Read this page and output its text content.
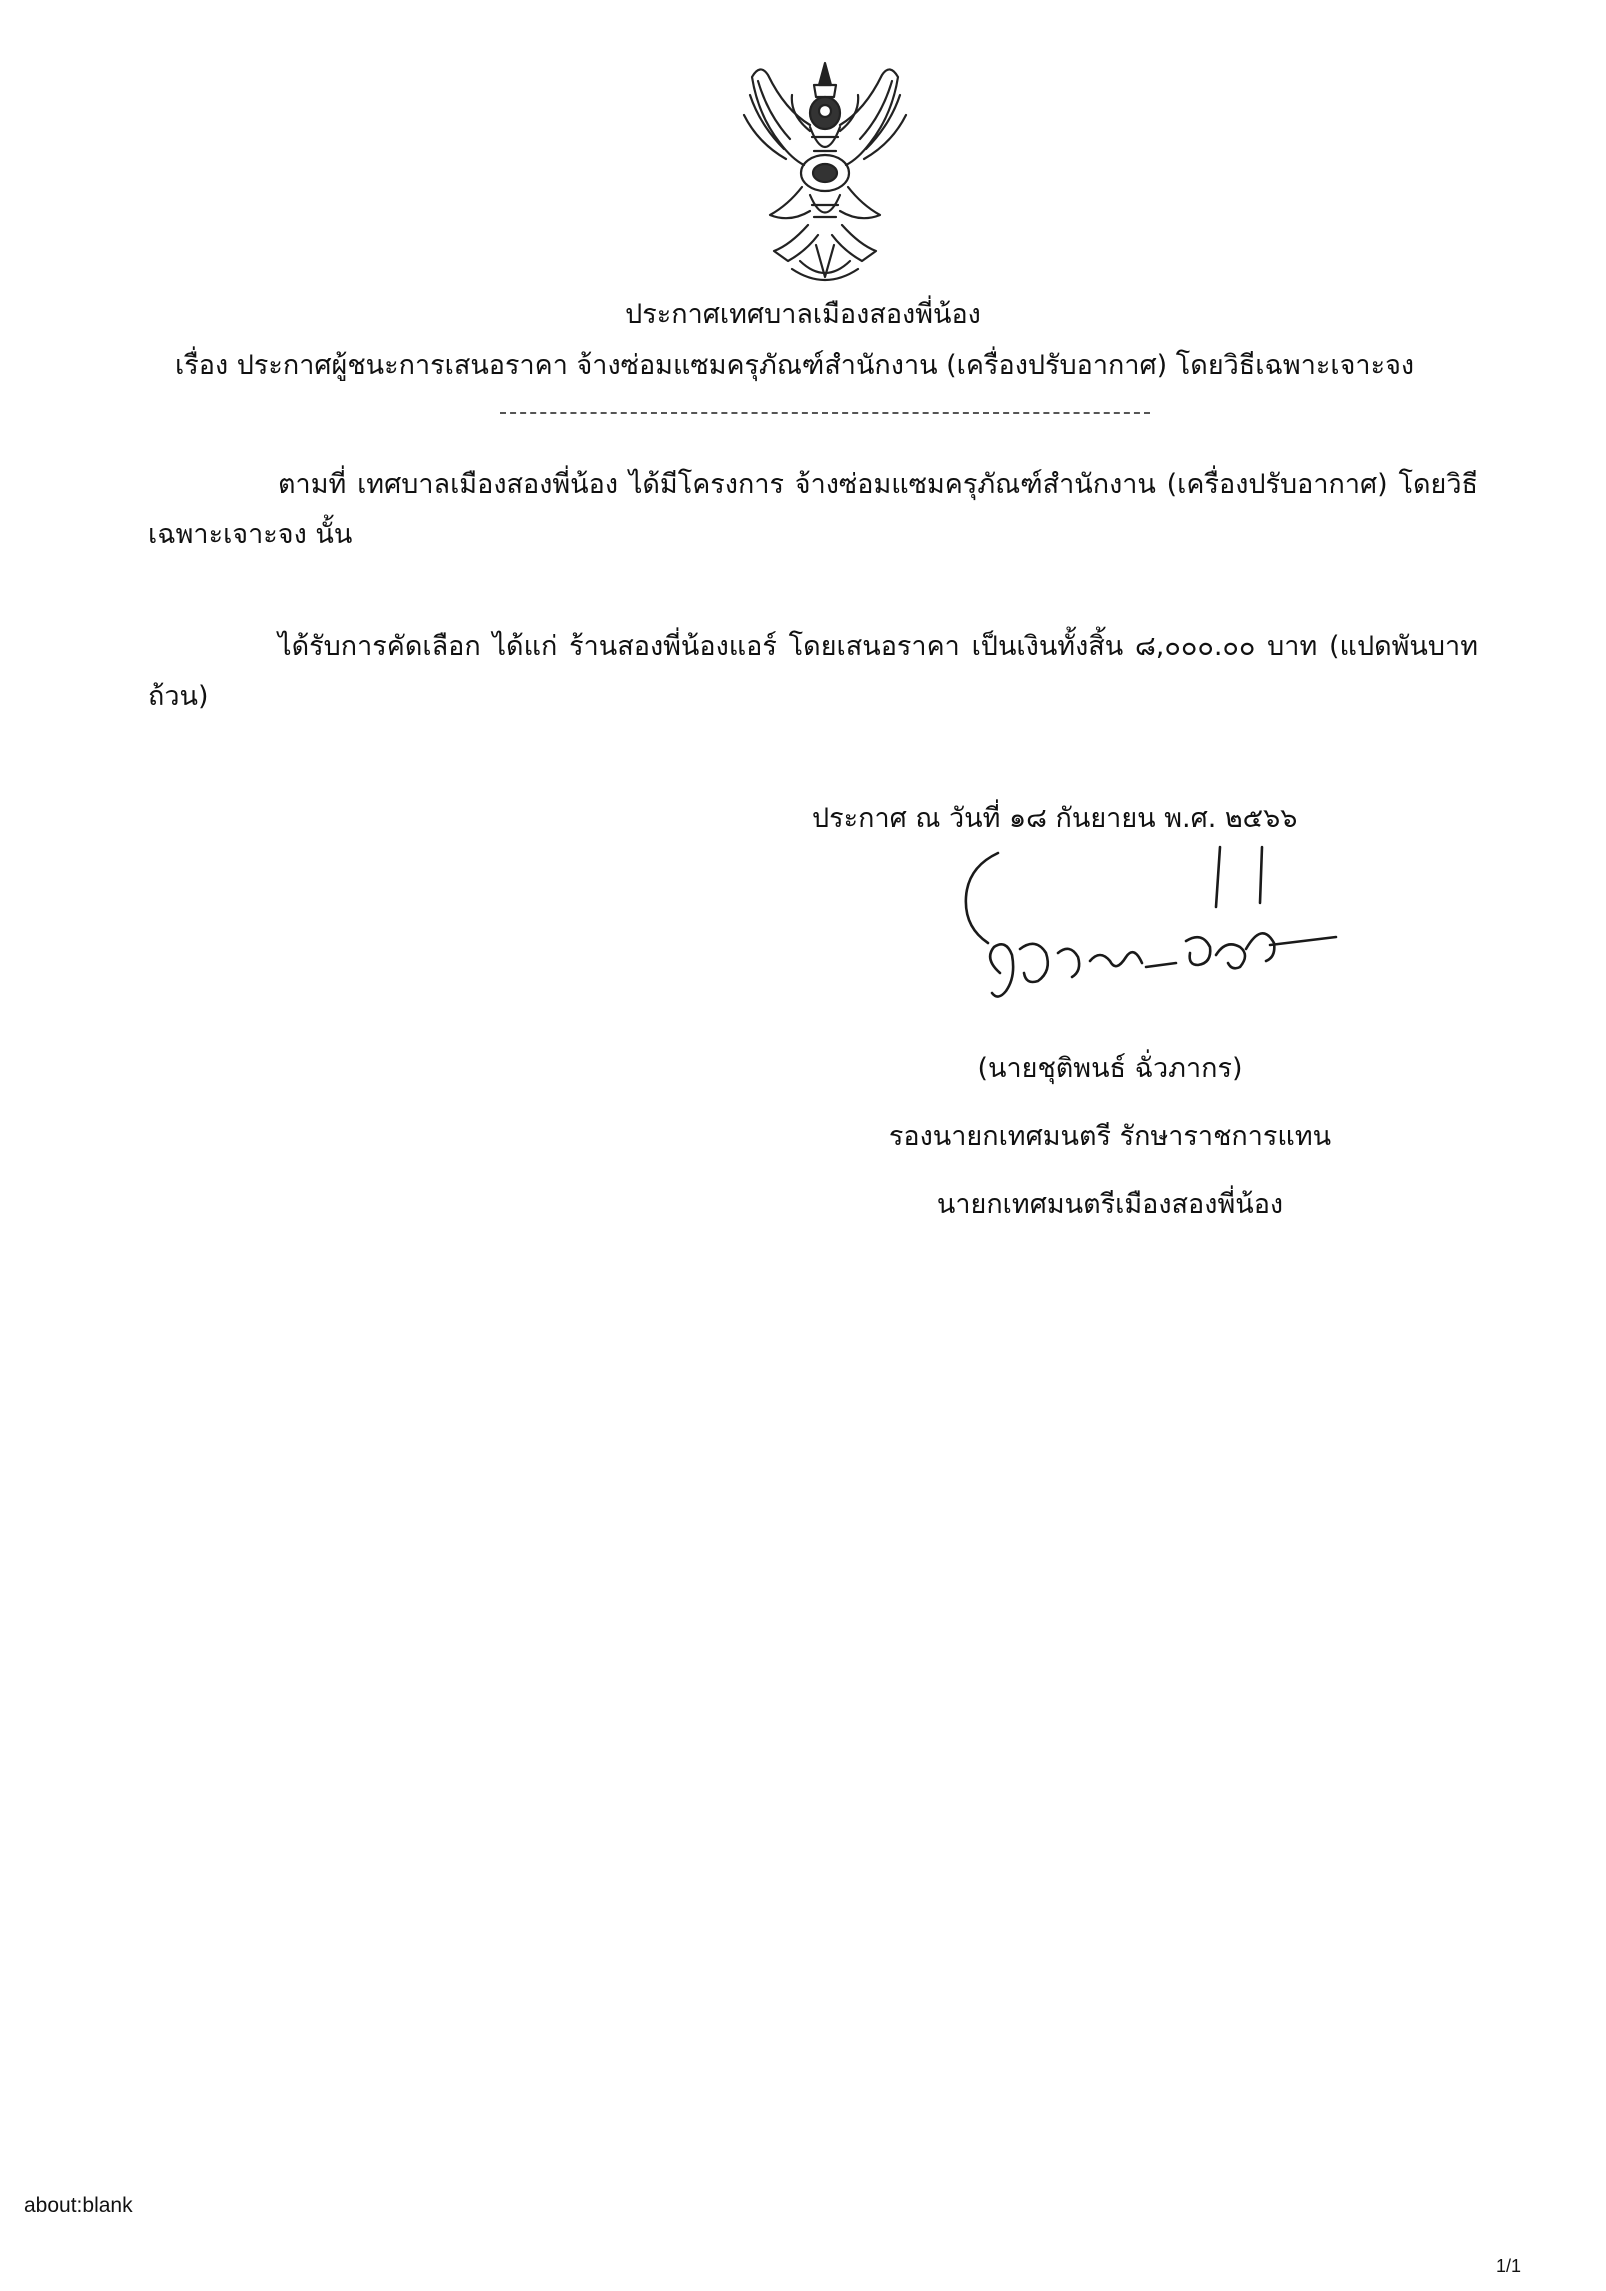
ประกาศเทศบาลเมืองสองพี่น้อง
เรื่อง ประกาศผู้ชนะการเสนอราคา จ้างซ่อมแซมครุภัณฑ์สำนักงาน (เครื่องปรับอากาศ) โดยวิธีเฉพาะเจาะจง
ตามที่ เทศบาลเมืองสองพี่น้อง ได้มีโครงการ จ้างซ่อมแซมครุภัณฑ์สำนักงาน (เครื่องปรับอากาศ) โดยวิธีเฉพาะเจาะจง นั้น
ได้รับการคัดเลือก ได้แก่ ร้านสองพี่น้องแอร์ โดยเสนอราคา เป็นเงินทั้งสิ้น ๘,๐๐๐.๐๐ บาท (แปดพันบาทถ้วน)
ประกาศ ณ วันที่ ๑๘ กันยายน พ.ศ. ๒๕๖๖
(นายชุติพนธ์ ฉั่วภากร)
รองนายกเทศมนตรี รักษาราชการแทน
นายกเทศมนตรีเมืองสองพี่น้อง
about:blank
1/1
